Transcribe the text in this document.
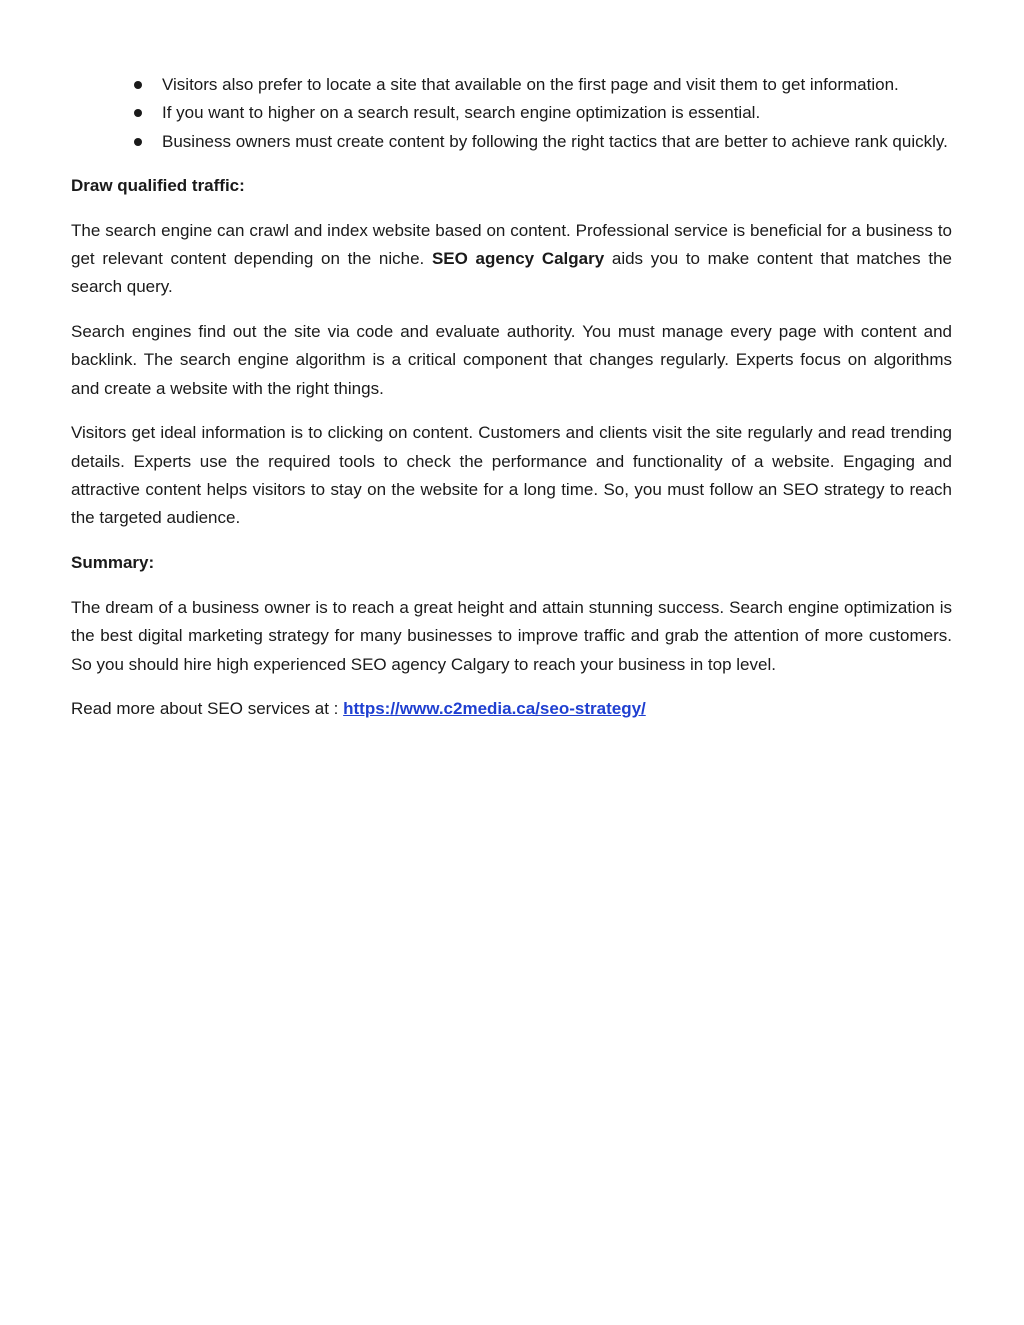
Visitors also prefer to locate a site that available on the first page and visit them to get information.
If you want to higher on a search result, search engine optimization is essential.
Business owners must create content by following the right tactics that are better to achieve rank quickly.

Draw qualified traffic:

The search engine can crawl and index website based on content. Professional service is beneficial for a business to get relevant content depending on the niche. SEO agency Calgary aids you to make content that matches the search query.

Search engines find out the site via code and evaluate authority. You must manage every page with content and backlink. The search engine algorithm is a critical component that changes regularly. Experts focus on algorithms and create a website with the right things.

Visitors get ideal information is to clicking on content. Customers and clients visit the site regularly and read trending details. Experts use the required tools to check the performance and functionality of a website. Engaging and attractive content helps visitors to stay on the website for a long time. So, you must follow an SEO strategy to reach the targeted audience.

Summary:

The dream of a business owner is to reach a great height and attain stunning success. Search engine optimization is the best digital marketing strategy for many businesses to improve traffic and grab the attention of more customers. So you should hire high experienced SEO agency Calgary to reach your business in top level.

Read more about SEO services at : https://www.c2media.ca/seo-strategy/
